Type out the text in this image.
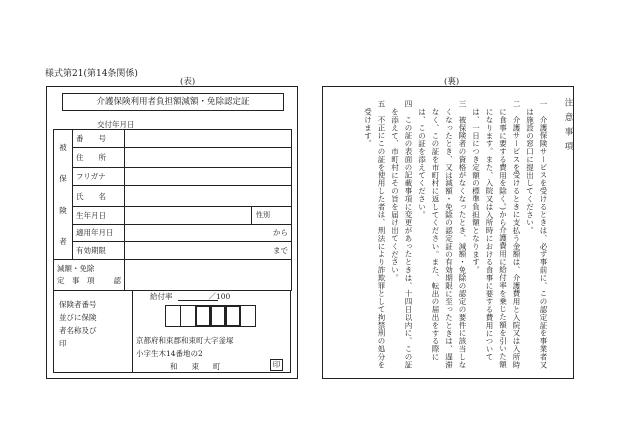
様式第21(第14条関係)
(表)	(裏)
介護保険利用者負担額減額・免除認定証
交付年月日
被
保
険
者	番　　号		
	住　　所		
	フリガナ		
	氏　　名		
	生年月日		性別

	適用年月日	から	
	有効期限	まで	

減額・免除
定　事　項 認			

保険者番号
並びに保険
者名称及び
印
給付率	／100
京都府和束郡和束町大字釜塚
小字生木14番地の2
和束町	印
注意事項

一　介護保険サービスを受けるときは、必ず事前に、この認定証を事業者又は施設の窓口に提出してください。

二　介護サービスを受けるときに支払う金額は、介護費用と入院又は入所時に食事に要する費用を除く。)から介護費用に給付率を乗じた額を引いた額になります。また、入院又は入所時における食事に要する費用については、一日につき定額の標準負担額となります。

三　被保険者の資格がなくなったとき、減額・免除の認定の要件に該当しなくなったとき、又は減額・免除の認定証の有効期限に至ったときは、遅滞なく、この証を市町村に返してください。また、転出の届出をする際には、この証を添えてください。

四　この証の表面の記載事項に変更があったときは、十四日以内に、この証を添えて、市町村にその旨を届け出てください。

五　不正にこの証を使用した者は、刑法により詐欺罪として拘禁刑の処分を受けます。
